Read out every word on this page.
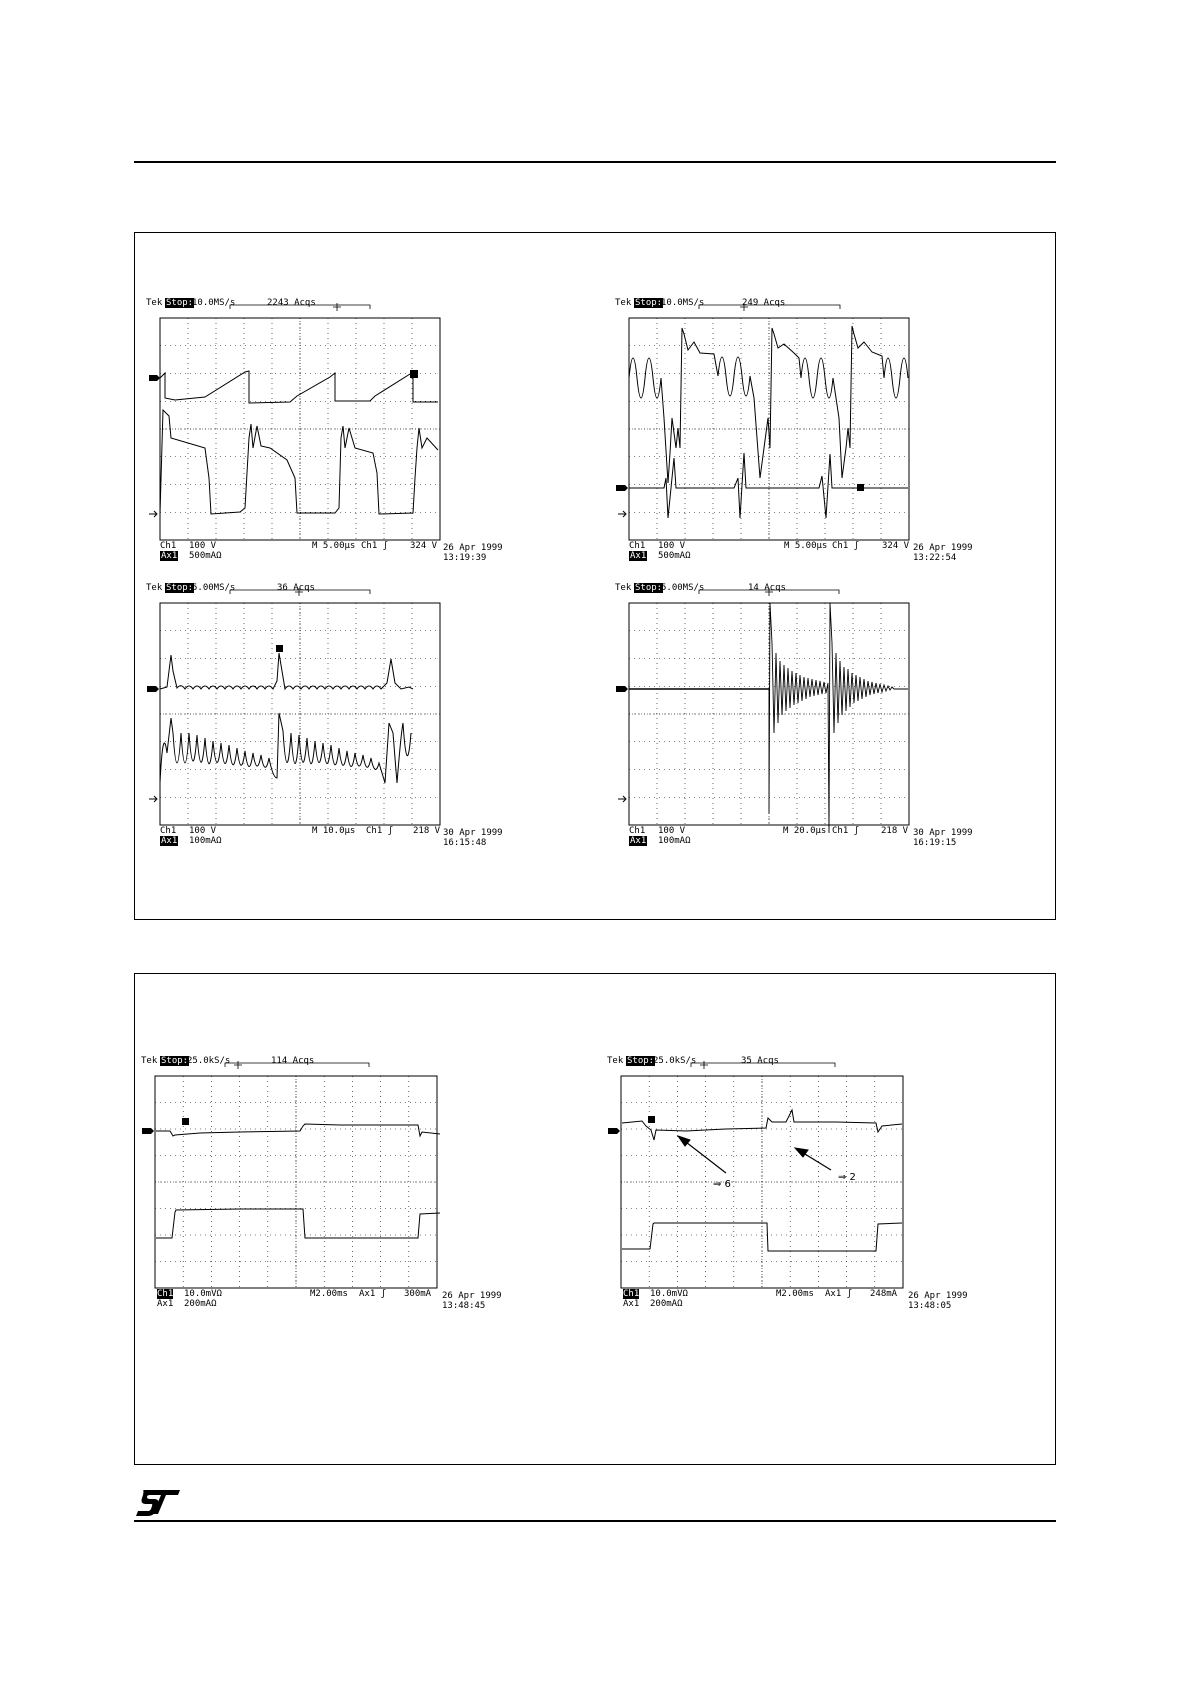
Tek Stop:
10.0MS/s	2243 Acqs
Ch1 100 V
Ax1 500mAΩ
M 5.00µs Ch1 ʃ 324 V 26 Apr 1999
13:19:39
Tek Stop:
10.0MS/s	249 Acqs
Ch1 100 V
Ax1 500mAΩ
M 5.00µs Ch1 ʃ	324 V 26 Apr 1999
13:22:54
Tek Stop:
5.00MS/s	36 Acqs
Ch1 100 V
Ax1 100mAΩ
M 10.0µs Ch1 ʃ 218 V 30 Apr 1999
16:15:48
Tek Stop:
5.00MS/s	14 Acqs
Ch1 100 V
Ax1 100mAΩ
M 20.0µs Ch1 ʃ 218 V 30 Apr 1999
16:19:15
Tek Stop:
25.0kS/s	114 Acqs
Ch1 10.0mVΩ
Ax1 200mAΩ
M2.00ms Ax1 ʃ 300mA 26 Apr 1999
13:48:45
Tek Stop:
25.0kS/s	35 Acqs
⇒ 6
⇒ 2
Ch1 10.0mVΩ
Ax1 200mAΩ
M2.00ms Ax1 ʃ 248mA 26 Apr 1999
13:48:05
